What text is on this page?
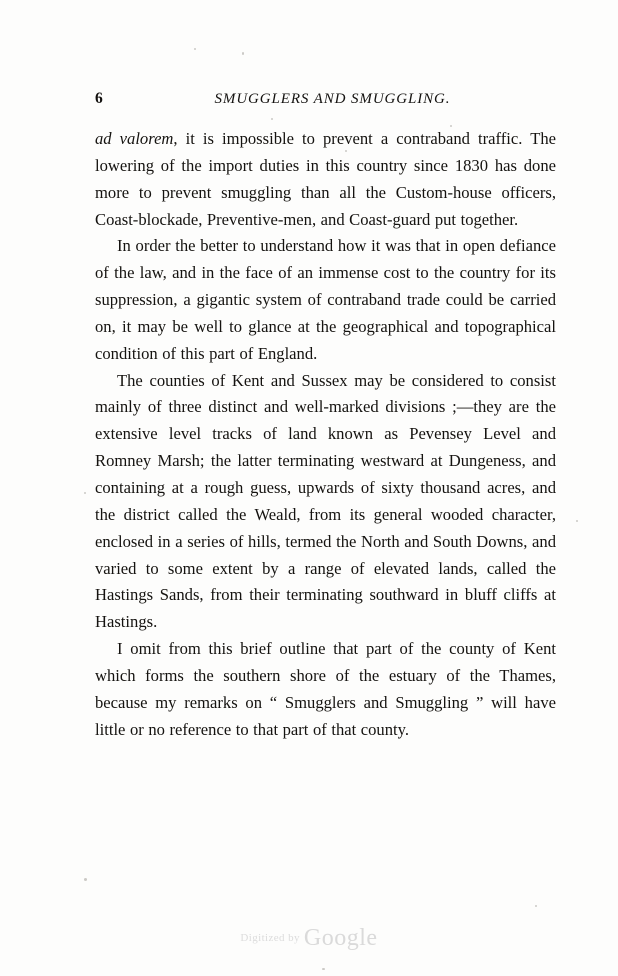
6	SMUGGLERS AND SMUGGLING.

ad valorem, it is impossible to prevent a contraband traffic. The lowering of the import duties in this country since 1830 has done more to prevent smuggling than all the Custom-house officers, Coast-blockade, Preventive-men, and Coast-guard put together.

In order the better to understand how it was that in open defiance of the law, and in the face of an immense cost to the country for its suppression, a gigantic system of contraband trade could be carried on, it may be well to glance at the geographical and topographical condition of this part of England.

The counties of Kent and Sussex may be considered to consist mainly of three distinct and well-marked divisions ;—they are the extensive level tracks of land known as Pevensey Level and Romney Marsh; the latter terminating westward at Dungeness, and containing at a rough guess, upwards of sixty thousand acres, and the district called the Weald, from its general wooded character, enclosed in a series of hills, termed the North and South Downs, and varied to some extent by a range of elevated lands, called the Hastings Sands, from their terminating southward in bluff cliffs at Hastings.

I omit from this brief outline that part of the county of Kent which forms the southern shore of the estuary of the Thames, because my remarks on “ Smugglers and Smuggling ” will have little or no reference to that part of that county.

$^{Digitized by}$ Google
